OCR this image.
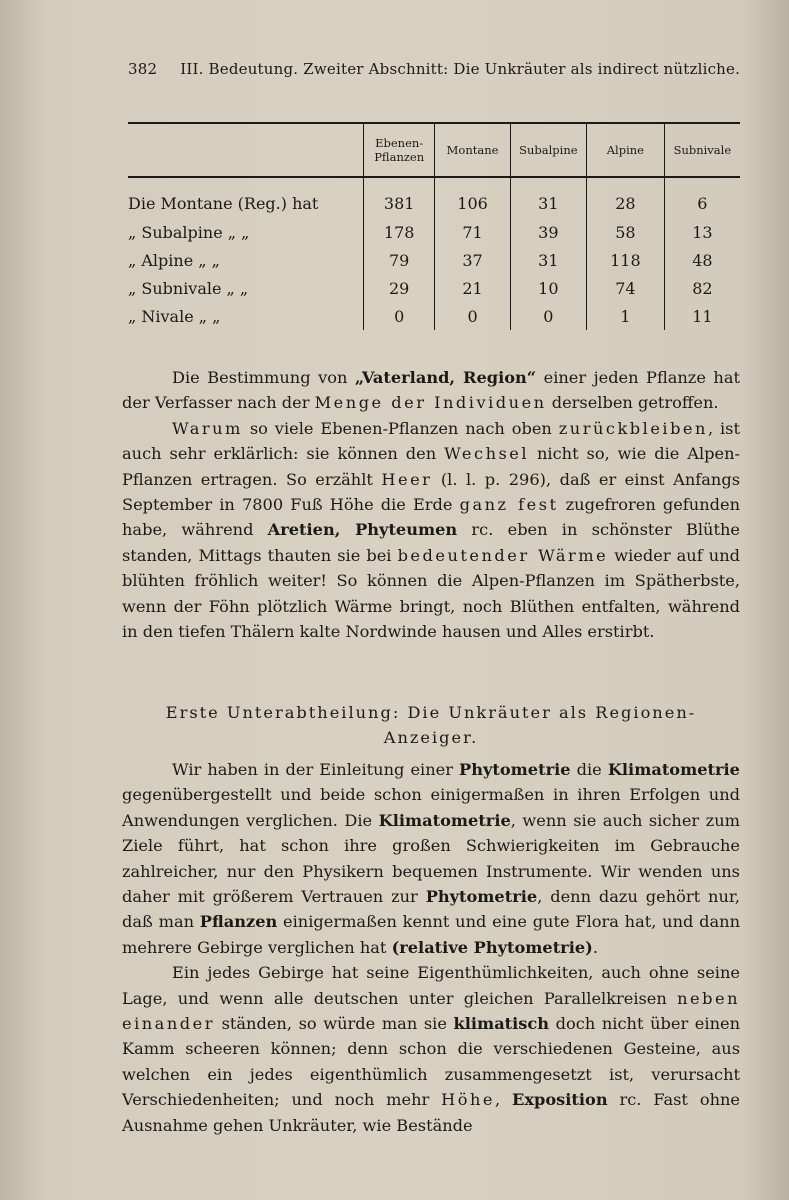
382 III. Bedeutung. Zweiter Abschnitt: Die Unkräuter als indirect nützliche.
	Ebenen-Pflanzen	Montane	Subalpine	Alpine	Subnivale
Die Montane (Reg.) hat	381	106	31	28	6
„ Subalpine „ „	178	71	39	58	13
„ Alpine „ „	79	37	31	118	48
„ Subnivale „ „	29	21	10	74	82
„ Nivale „ „	0	0	0	1	11

Die Bestimmung von „Vaterland, Region“ einer jeden Pflanze hat der Verfasser nach der Menge der Individuen derselben getroffen.

Warum so viele Ebenen-Pflanzen nach oben zurückbleiben, ist auch sehr erklärlich: sie können den Wechsel nicht so, wie die Alpen-Pflanzen ertragen. So erzählt Heer (l. l. p. 296), daß er einst Anfangs September in 7800 Fuß Höhe die Erde ganz fest zugefroren gefunden habe, während Aretien, Phyteumen rc. eben in schönster Blüthe standen, Mittags thauten sie bei bedeutender Wärme wieder auf und blühten fröhlich weiter! So können die Alpen-Pflanzen im Spätherbste, wenn der Föhn plötzlich Wärme bringt, noch Blüthen entfalten, während in den tiefen Thälern kalte Nordwinde hausen und Alles erstirbt.

Erste Unterabtheilung: Die Unkräuter als Regionen-Anzeiger.

Wir haben in der Einleitung einer Phytometrie die Klimatometrie gegenübergestellt und beide schon einigermaßen in ihren Erfolgen und Anwendungen verglichen. Die Klimatometrie, wenn sie auch sicher zum Ziele führt, hat schon ihre großen Schwierigkeiten im Gebrauche zahlreicher, nur den Physikern bequemen Instrumente. Wir wenden uns daher mit größerem Vertrauen zur Phytometrie, denn dazu gehört nur, daß man Pflanzen einigermaßen kennt und eine gute Flora hat, und dann mehrere Gebirge verglichen hat (relative Phytometrie).

Ein jedes Gebirge hat seine Eigenthümlichkeiten, auch ohne seine Lage, und wenn alle deutschen unter gleichen Parallelkreisen neben einander ständen, so würde man sie klimatisch doch nicht über einen Kamm scheeren können; denn schon die verschiedenen Gesteine, aus welchen ein jedes eigenthümlich zusammengesetzt ist, verursacht Verschiedenheiten; und noch mehr Höhe, Exposition rc. Fast ohne Ausnahme gehen Unkräuter, wie Bestände
